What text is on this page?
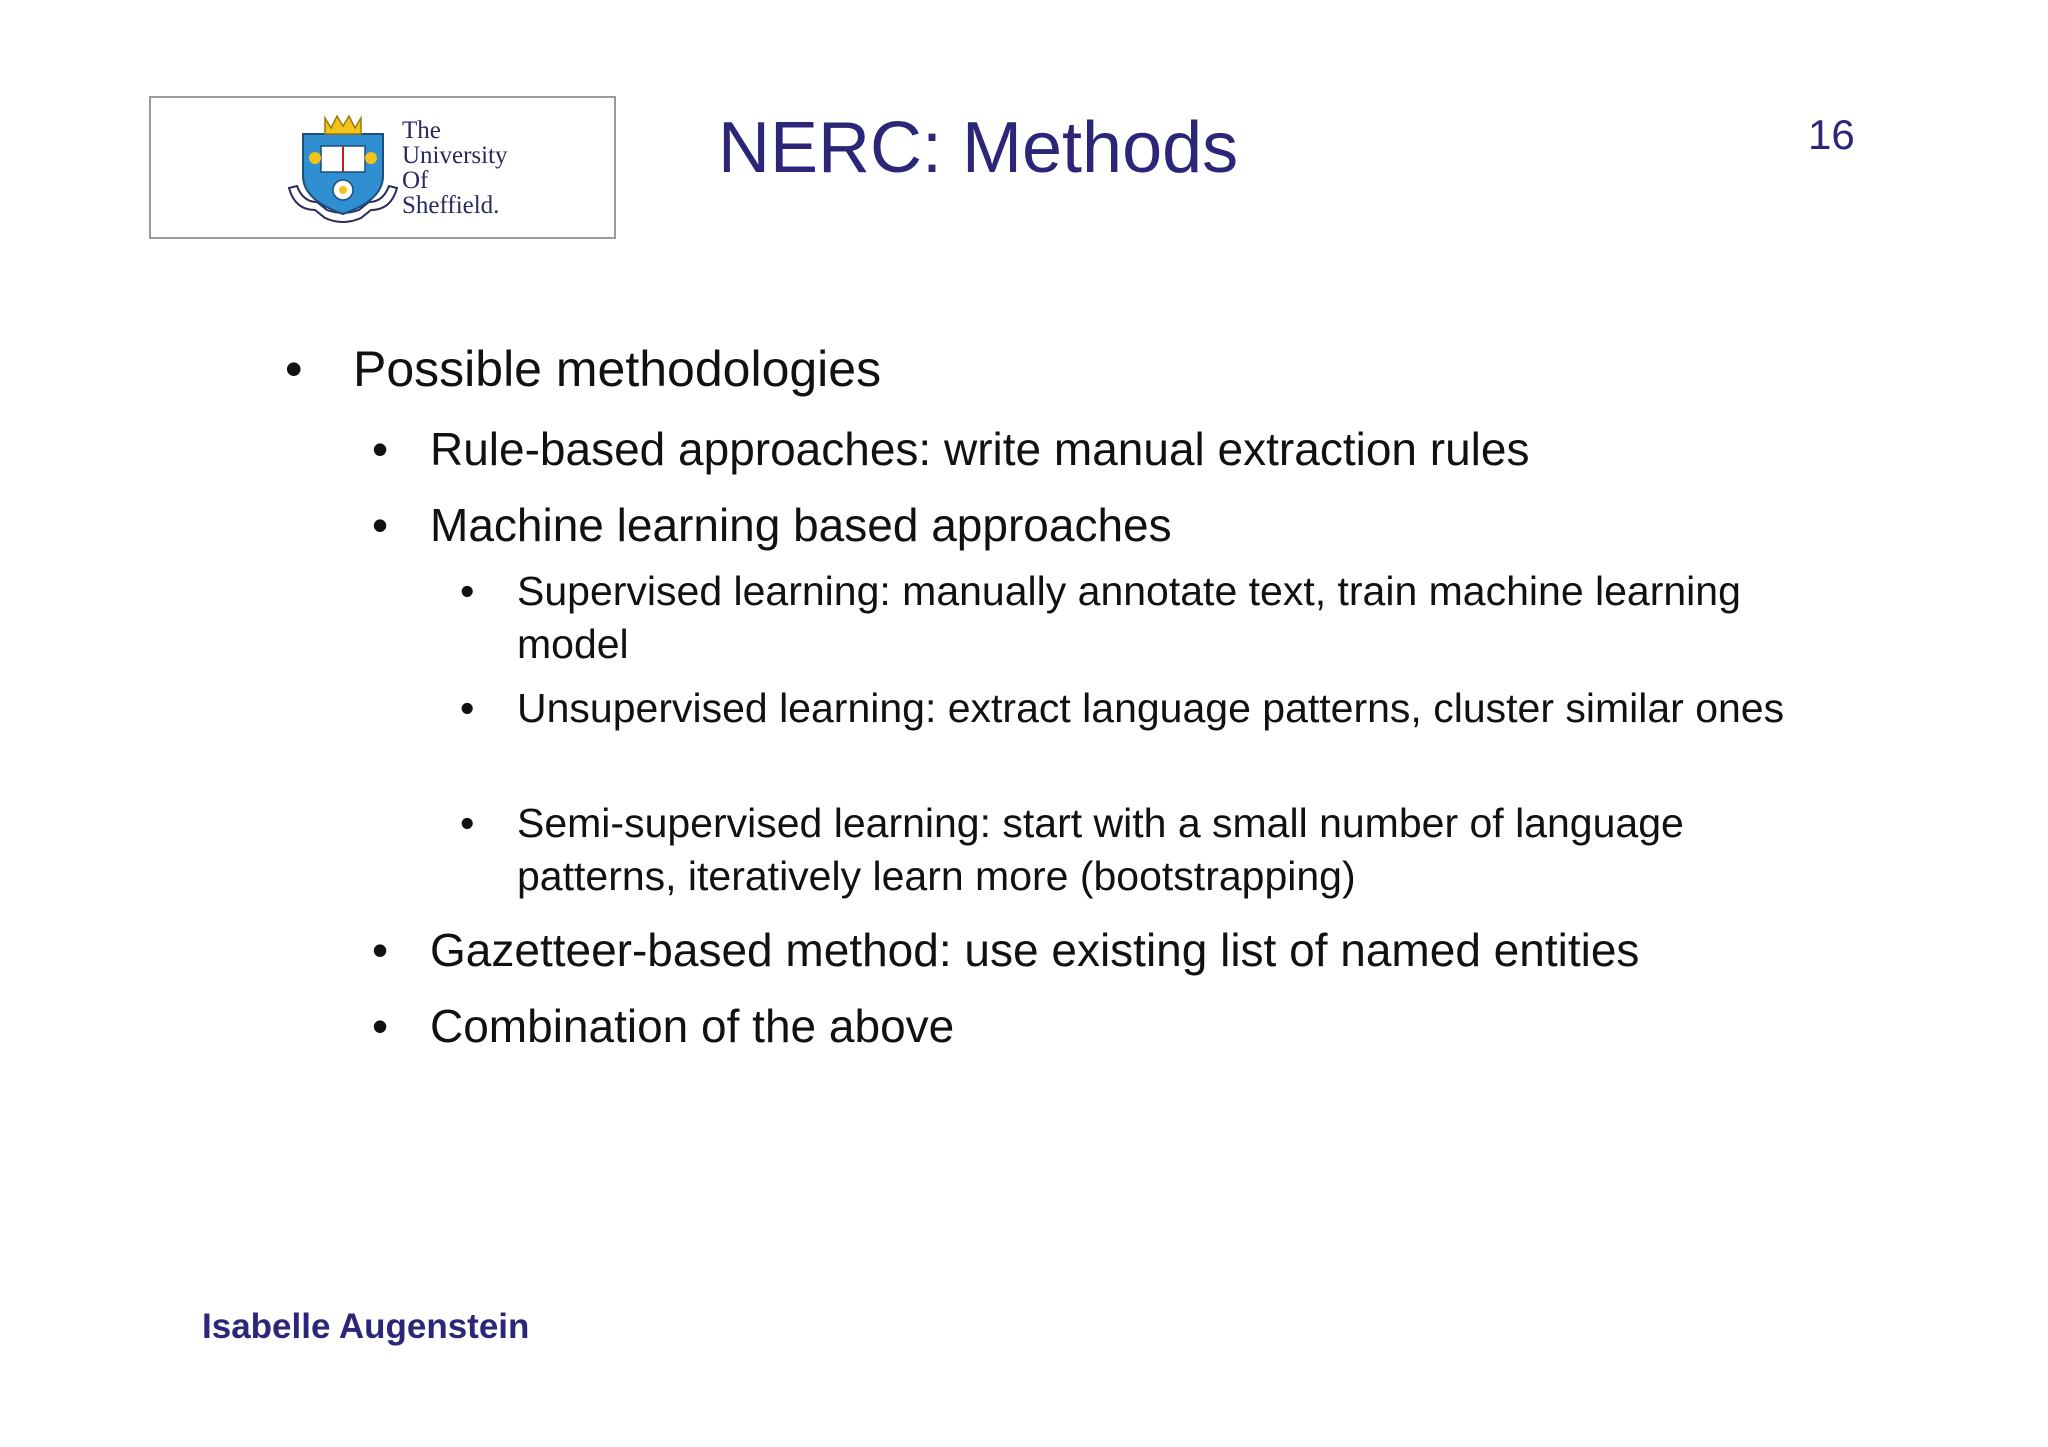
The
University
Of
Sheffield.
NERC: Methods	16
• Possible methodologies
• Rule-based approaches: write manual extraction rules
• Machine learning based approaches
• Supervised learning: manually annotate text, train machine learning model
• Unsupervised learning: extract language patterns, cluster similar ones
• Semi-supervised learning: start with a small number of language patterns, iteratively learn more (bootstrapping)
• Gazetteer-based method: use existing list of named entities
• Combination of the above
Isabelle Augenstein
